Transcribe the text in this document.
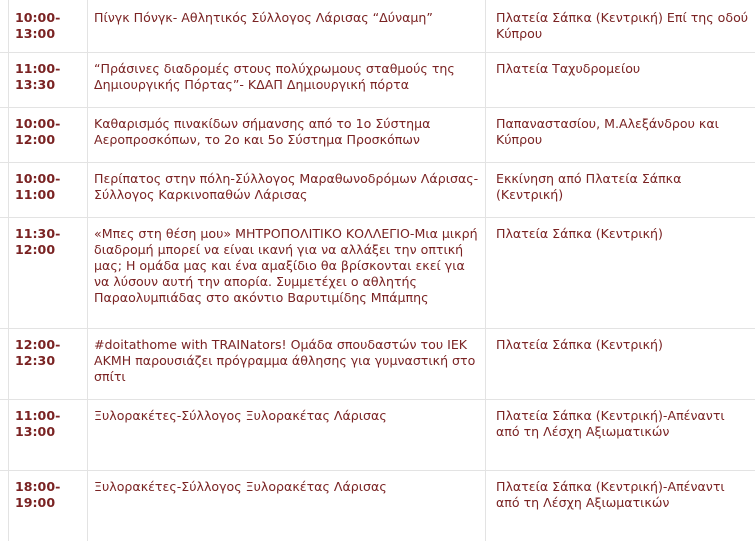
	10:00-
13:00	Πίνγκ Πόνγκ- Αθλητικός Σύλλογος Λάρισας “Δύναμη”	Πλατεία Σάπκα (Κεντρική) Επί της οδού Κύπρου

	11:00-
13:30	“Πράσινες διαδρομές στους πολύχρωμους σταθμούς της Δημιουργικής Πόρτας”- ΚΔΑΠ Δημιουργική πόρτα	Πλατεία Ταχυδρομείου

	10:00-
12:00	Καθαρισμός πινακίδων σήμανσης από το 1ο Σύστημα Αεροπροσκόπων, το 2ο και 5ο Σύστημα Προσκόπων	Παπαναστασίου, Μ.Αλεξάνδρου και Κύπρου

	10:00-
11:00	Περίπατος στην πόλη-Σύλλογος Μαραθωνοδρόμων Λάρισας-Σύλλογος Καρκινοπαθών Λάρισας	Εκκίνηση από Πλατεία Σάπκα (Κεντρική)

	11:30-
12:00	«Μπες στη θέση μου» ΜΗΤΡΟΠΟΛΙΤΙΚΟ ΚΟΛΛΕΓΙΟ-Μια μικρή διαδρομή μπορεί να είναι ικανή για να αλλάξει την οπτική μας; Η ομάδα μας και ένα αμαξίδιο θα βρίσκονται εκεί για να λύσουν αυτή την απορία. Συμμετέχει ο αθλητής Παραολυμπιάδας στο ακόντιο Βαρυτιμίδης Μπάμπης	Πλατεία Σάπκα (Κεντρική)

	12:00-
12:30	#doitathome with TRAINators! Ομάδα σπουδαστών του ΙΕΚ ΑΚΜΗ παρουσιάζει πρόγραμμα άθλησης για γυμναστική στο σπίτι	Πλατεία Σάπκα (Κεντρική)

	11:00-
13:00	Ξυλορακέτες-Σύλλογος Ξυλορακέτας Λάρισας	Πλατεία Σάπκα (Κεντρική)-Απέναντι από τη Λέσχη Αξιωματικών

	18:00-
19:00	Ξυλορακέτες-Σύλλογος Ξυλορακέτας Λάρισας	Πλατεία Σάπκα (Κεντρική)-Απέναντι από τη Λέσχη Αξιωματικών
